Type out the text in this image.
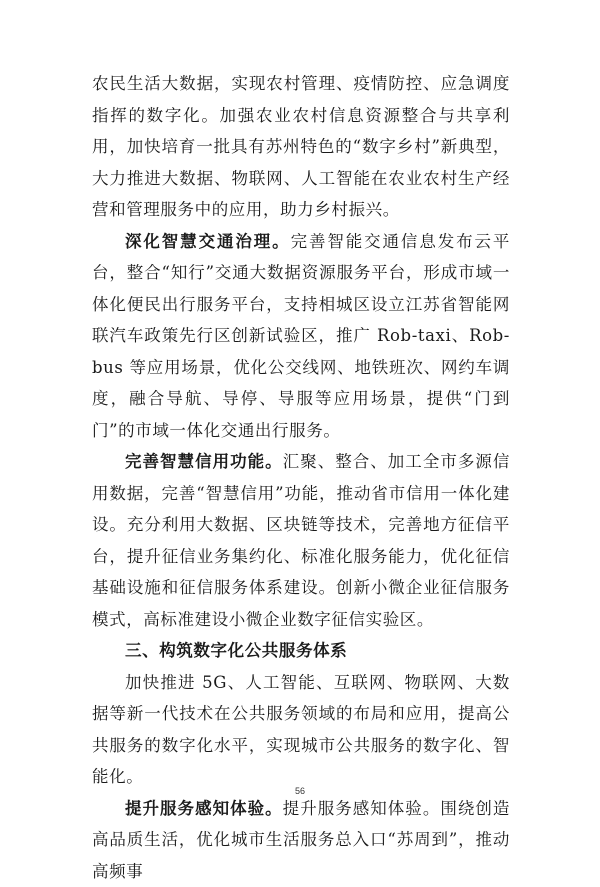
农民生活大数据，实现农村管理、疫情防控、应急调度指挥的数字化。加强农业农村信息资源整合与共享利用，加快培育一批具有苏州特色的“数字乡村”新典型，大力推进大数据、物联网、人工智能在农业农村生产经营和管理服务中的应用，助力乡村振兴。

深化智慧交通治理。完善智能交通信息发布云平台，整合“知行”交通大数据资源服务平台，形成市域一体化便民出行服务平台，支持相城区设立江苏省智能网联汽车政策先行区创新试验区，推广 Rob-taxi、Rob-bus 等应用场景，优化公交线网、地铁班次、网约车调度，融合导航、导停、导服等应用场景，提供“门到门”的市域一体化交通出行服务。

完善智慧信用功能。汇聚、整合、加工全市多源信用数据，完善“智慧信用”功能，推动省市信用一体化建设。充分利用大数据、区块链等技术，完善地方征信平台，提升征信业务集约化、标准化服务能力，优化征信基础设施和征信服务体系建设。创新小微企业征信服务模式，高标准建设小微企业数字征信实验区。

三、构筑数字化公共服务体系

加快推进 5G、人工智能、互联网、物联网、大数据等新一代技术在公共服务领域的布局和应用，提高公共服务的数字化水平，实现城市公共服务的数字化、智能化。

提升服务感知体验。提升服务感知体验。围绕创造高品质生活，优化城市生活服务总入口“苏周到”，推动高频事

56
